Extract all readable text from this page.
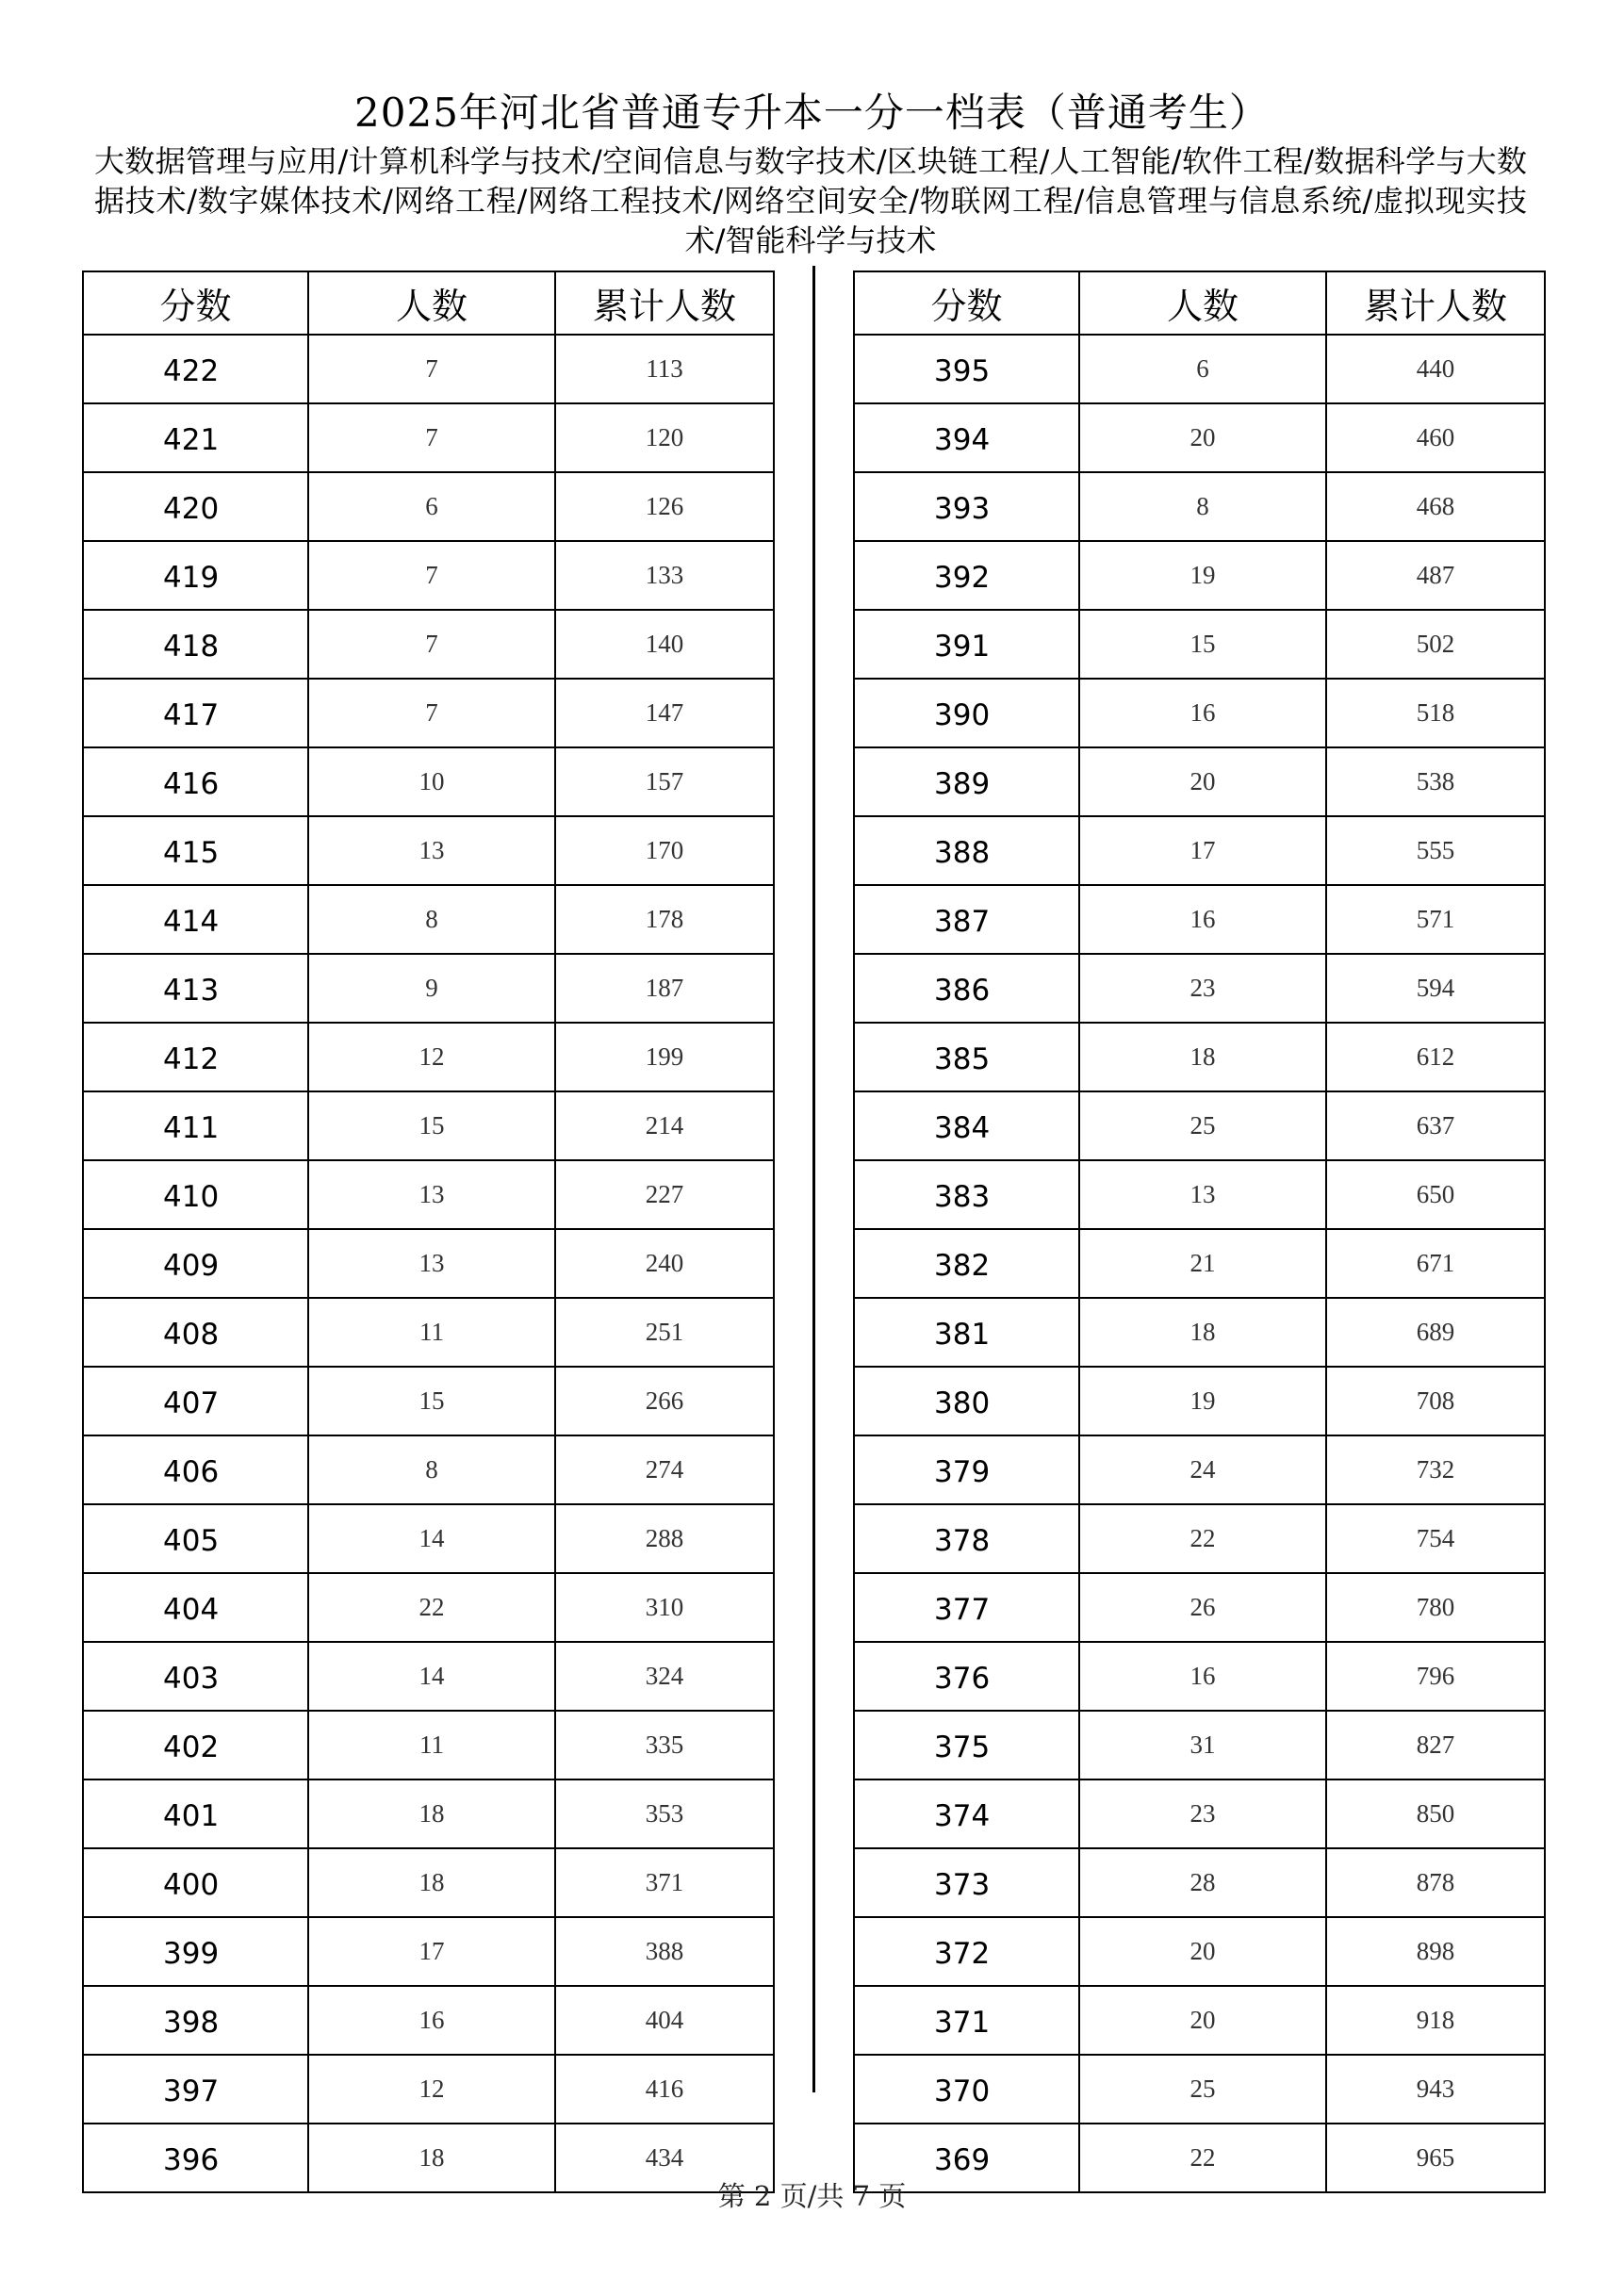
2025年河北省普通专升本一分一档表（普通考生）
大数据管理与应用/计算机科学与技术/空间信息与数字技术/区块链工程/人工智能/软件工程/数据科学与大数据技术/数字媒体技术/网络工程/网络工程技术/网络空间安全/物联网工程/信息管理与信息系统/虚拟现实技术/智能科学与技术
分数	人数	累计人数
422	7	113
421	7	120
420	6	126
419	7	133
418	7	140
417	7	147
416	10	157
415	13	170
414	8	178
413	9	187
412	12	199
411	15	214
410	13	227
409	13	240
408	11	251
407	15	266
406	8	274
405	14	288
404	22	310
403	14	324
402	11	335
401	18	353
400	18	371
399	17	388
398	16	404
397	12	416
396	18	434
分数	人数	累计人数
395	6	440
394	20	460
393	8	468
392	19	487
391	15	502
390	16	518
389	20	538
388	17	555
387	16	571
386	23	594
385	18	612
384	25	637
383	13	650
382	21	671
381	18	689
380	19	708
379	24	732
378	22	754
377	26	780
376	16	796
375	31	827
374	23	850
373	28	878
372	20	898
371	20	918
370	25	943
369	22	965
第 2 页/共 7 页
